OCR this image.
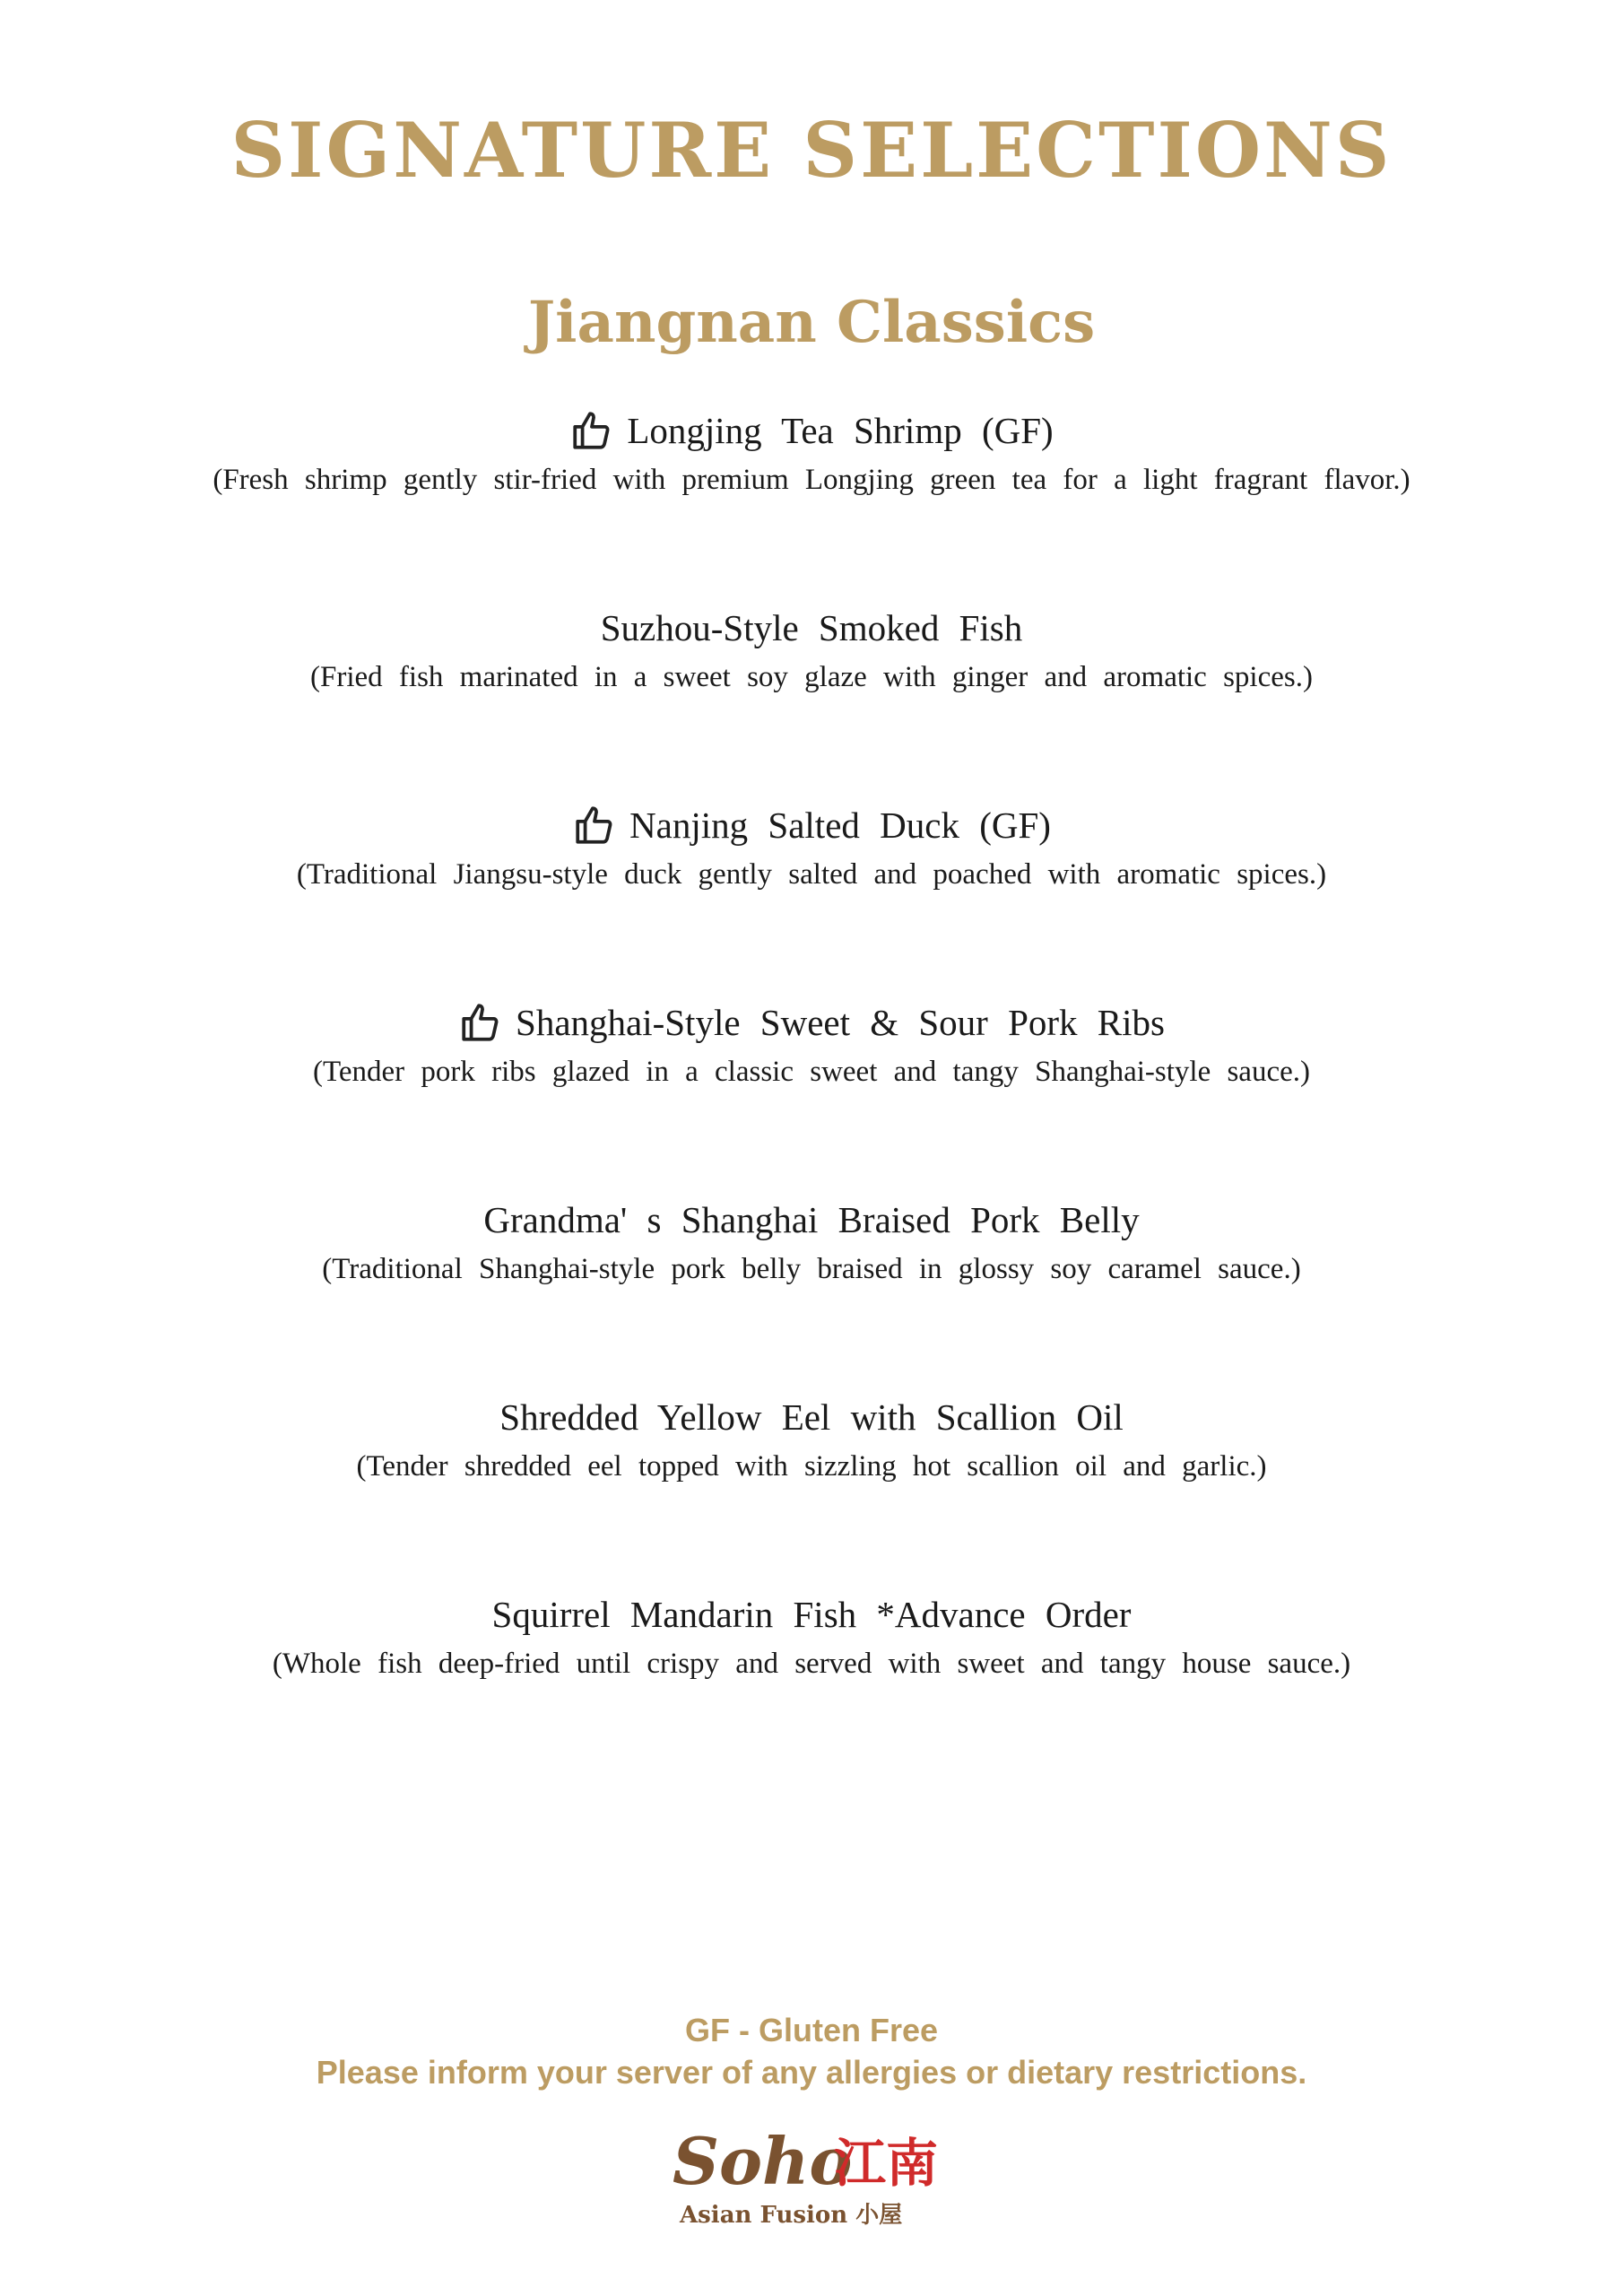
SIGNATURE SELECTIONS
Jiangnan Classics
Longjing Tea Shrimp (GF)
(Fresh shrimp gently stir-fried with premium Longjing green tea for a light fragrant flavor.)
Suzhou-Style Smoked Fish
(Fried fish marinated in a sweet soy glaze with ginger and aromatic spices.)
Nanjing Salted Duck (GF)
(Traditional Jiangsu-style duck gently salted and poached with aromatic spices.)
Shanghai-Style Sweet & Sour Pork Ribs
(Tender pork ribs glazed in a classic sweet and tangy Shanghai-style sauce.)
Grandma' s Shanghai Braised Pork Belly
(Traditional Shanghai-style pork belly braised in glossy soy caramel sauce.)
Shredded Yellow Eel with Scallion Oil
(Tender shredded eel topped with sizzling hot scallion oil and garlic.)
Squirrel Mandarin Fish *Advance Order
(Whole fish deep-fried until crispy and served with sweet and tangy house sauce.)
GF - Gluten Free
Please inform your server of any allergies or dietary restrictions.
Soho
江南
Asian Fusion 小屋
